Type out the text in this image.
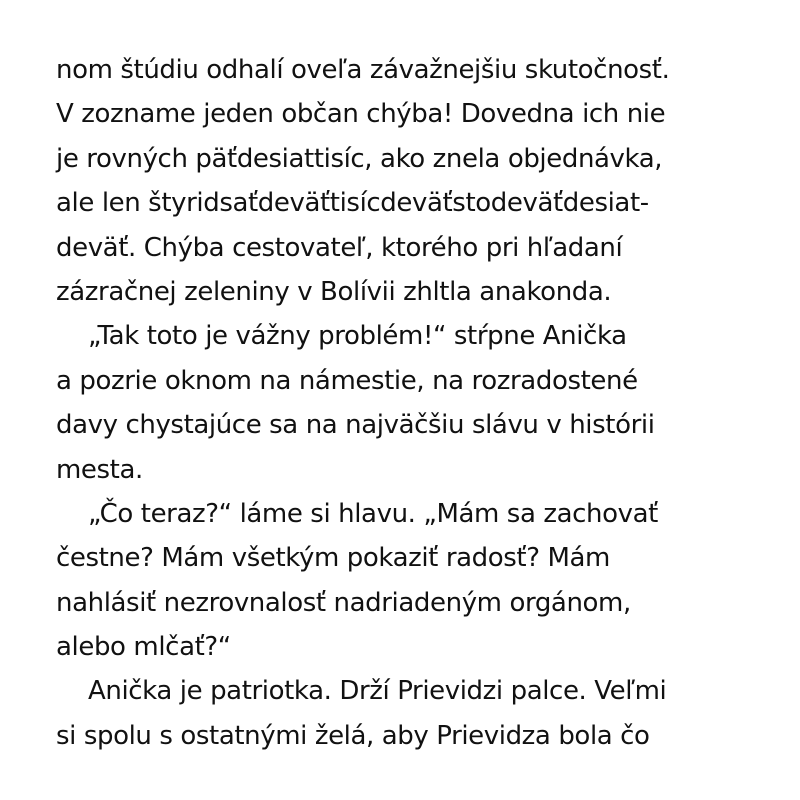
nom štúdiu odhalí oveľa závažnejšiu skutočnosť.
V zozname jeden občan chýba! Dovedna ich nie
je rovných päťdesiattisíc, ako znela objednávka,
ale len štyridsaťdeväťtisícdeväťstodeväťdesiat-
deväť. Chýba cestovateľ, ktorého pri hľadaní
zázračnej zeleniny v Bolívii zhltla anakonda.
„Tak toto je vážny problém!“ stŕpne Anička
a pozrie oknom na námestie, na rozradostené
davy chystajúce sa na najväčšiu slávu v histórii
mesta.
„Čo teraz?“ láme si hlavu. „Mám sa zachovať
čestne? Mám všetkým pokaziť radosť? Mám
nahlásiť nezrovnalosť nadriadeným orgánom,
alebo mlčať?“
Anička je patriotka. Drží Prievidzi palce. Veľmi
si spolu s ostatnými želá, aby Prievidza bola čo
